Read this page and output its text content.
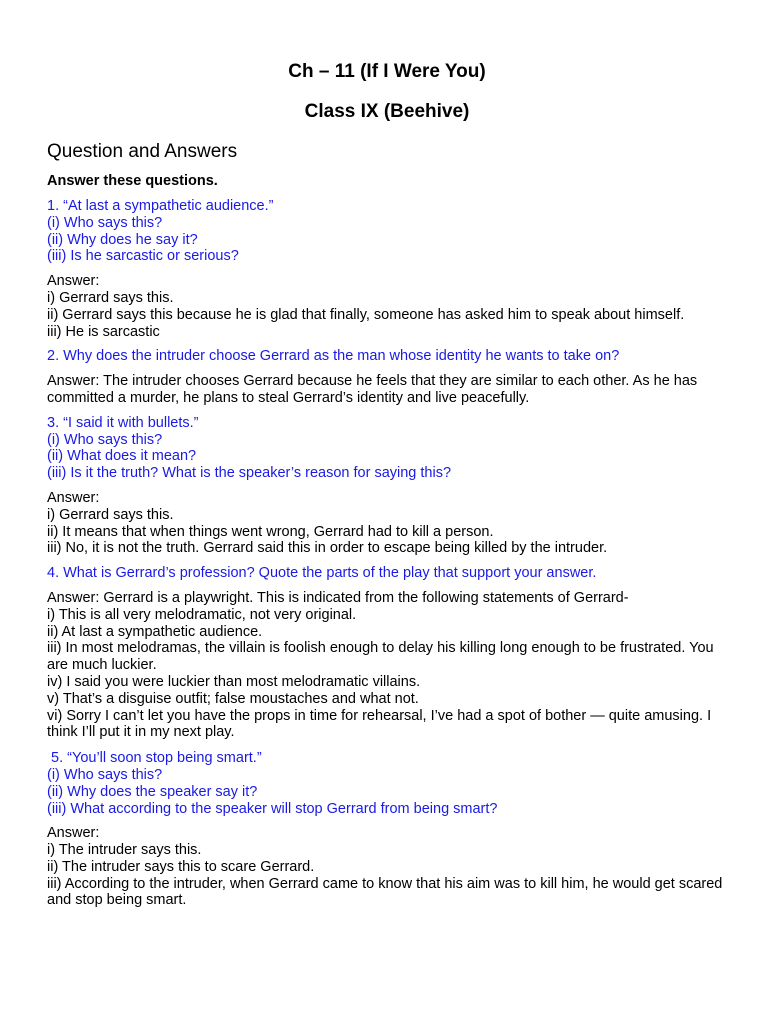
Ch – 11 (If I Were You)
Class IX (Beehive)
Question and Answers

Answer these questions.

1. “At last a sympathetic audience.”
(i) Who says this?
(ii) Why does he say it?
(iii) Is he sarcastic or serious?
Answer:
i) Gerrard says this.
ii) Gerrard says this because he is glad that finally, someone has asked him to speak about himself.
iii) He is sarcastic
2. Why does the intruder choose Gerrard as the man whose identity he wants to take on?
Answer: The intruder chooses Gerrard because he feels that they are similar to each other. As he has committed a murder, he plans to steal Gerrard’s identity and live peacefully.
3. “I said it with bullets.”
(i) Who says this?
(ii) What does it mean?
(iii) Is it the truth? What is the speaker’s reason for saying this?
Answer:
i) Gerrard says this.
ii) It means that when things went wrong, Gerrard had to kill a person.
iii) No, it is not the truth. Gerrard said this in order to escape being killed by the intruder.
4. What is Gerrard’s profession? Quote the parts of the play that support your answer.
Answer: Gerrard is a playwright. This is indicated from the following statements of Gerrard-
i) This is all very melodramatic, not very original.
ii) At last a sympathetic audience.
iii) In most melodramas, the villain is foolish enough to delay his killing long enough to be frustrated. You are much luckier.
iv) I said you were luckier than most melodramatic villains.
v) That’s a disguise outfit; false moustaches and what not.
vi) Sorry I can’t let you have the props in time for rehearsal, I’ve had a spot of bother — quite amusing. I think I’ll put it in my next play.
5. “You’ll soon stop being smart.”
(i) Who says this?
(ii) Why does the speaker say it?
(iii) What according to the speaker will stop Gerrard from being smart?
Answer:
i) The intruder says this.
ii) The intruder says this to scare Gerrard.
iii) According to the intruder, when Gerrard came to know that his aim was to kill him, he would get scared and stop being smart.
